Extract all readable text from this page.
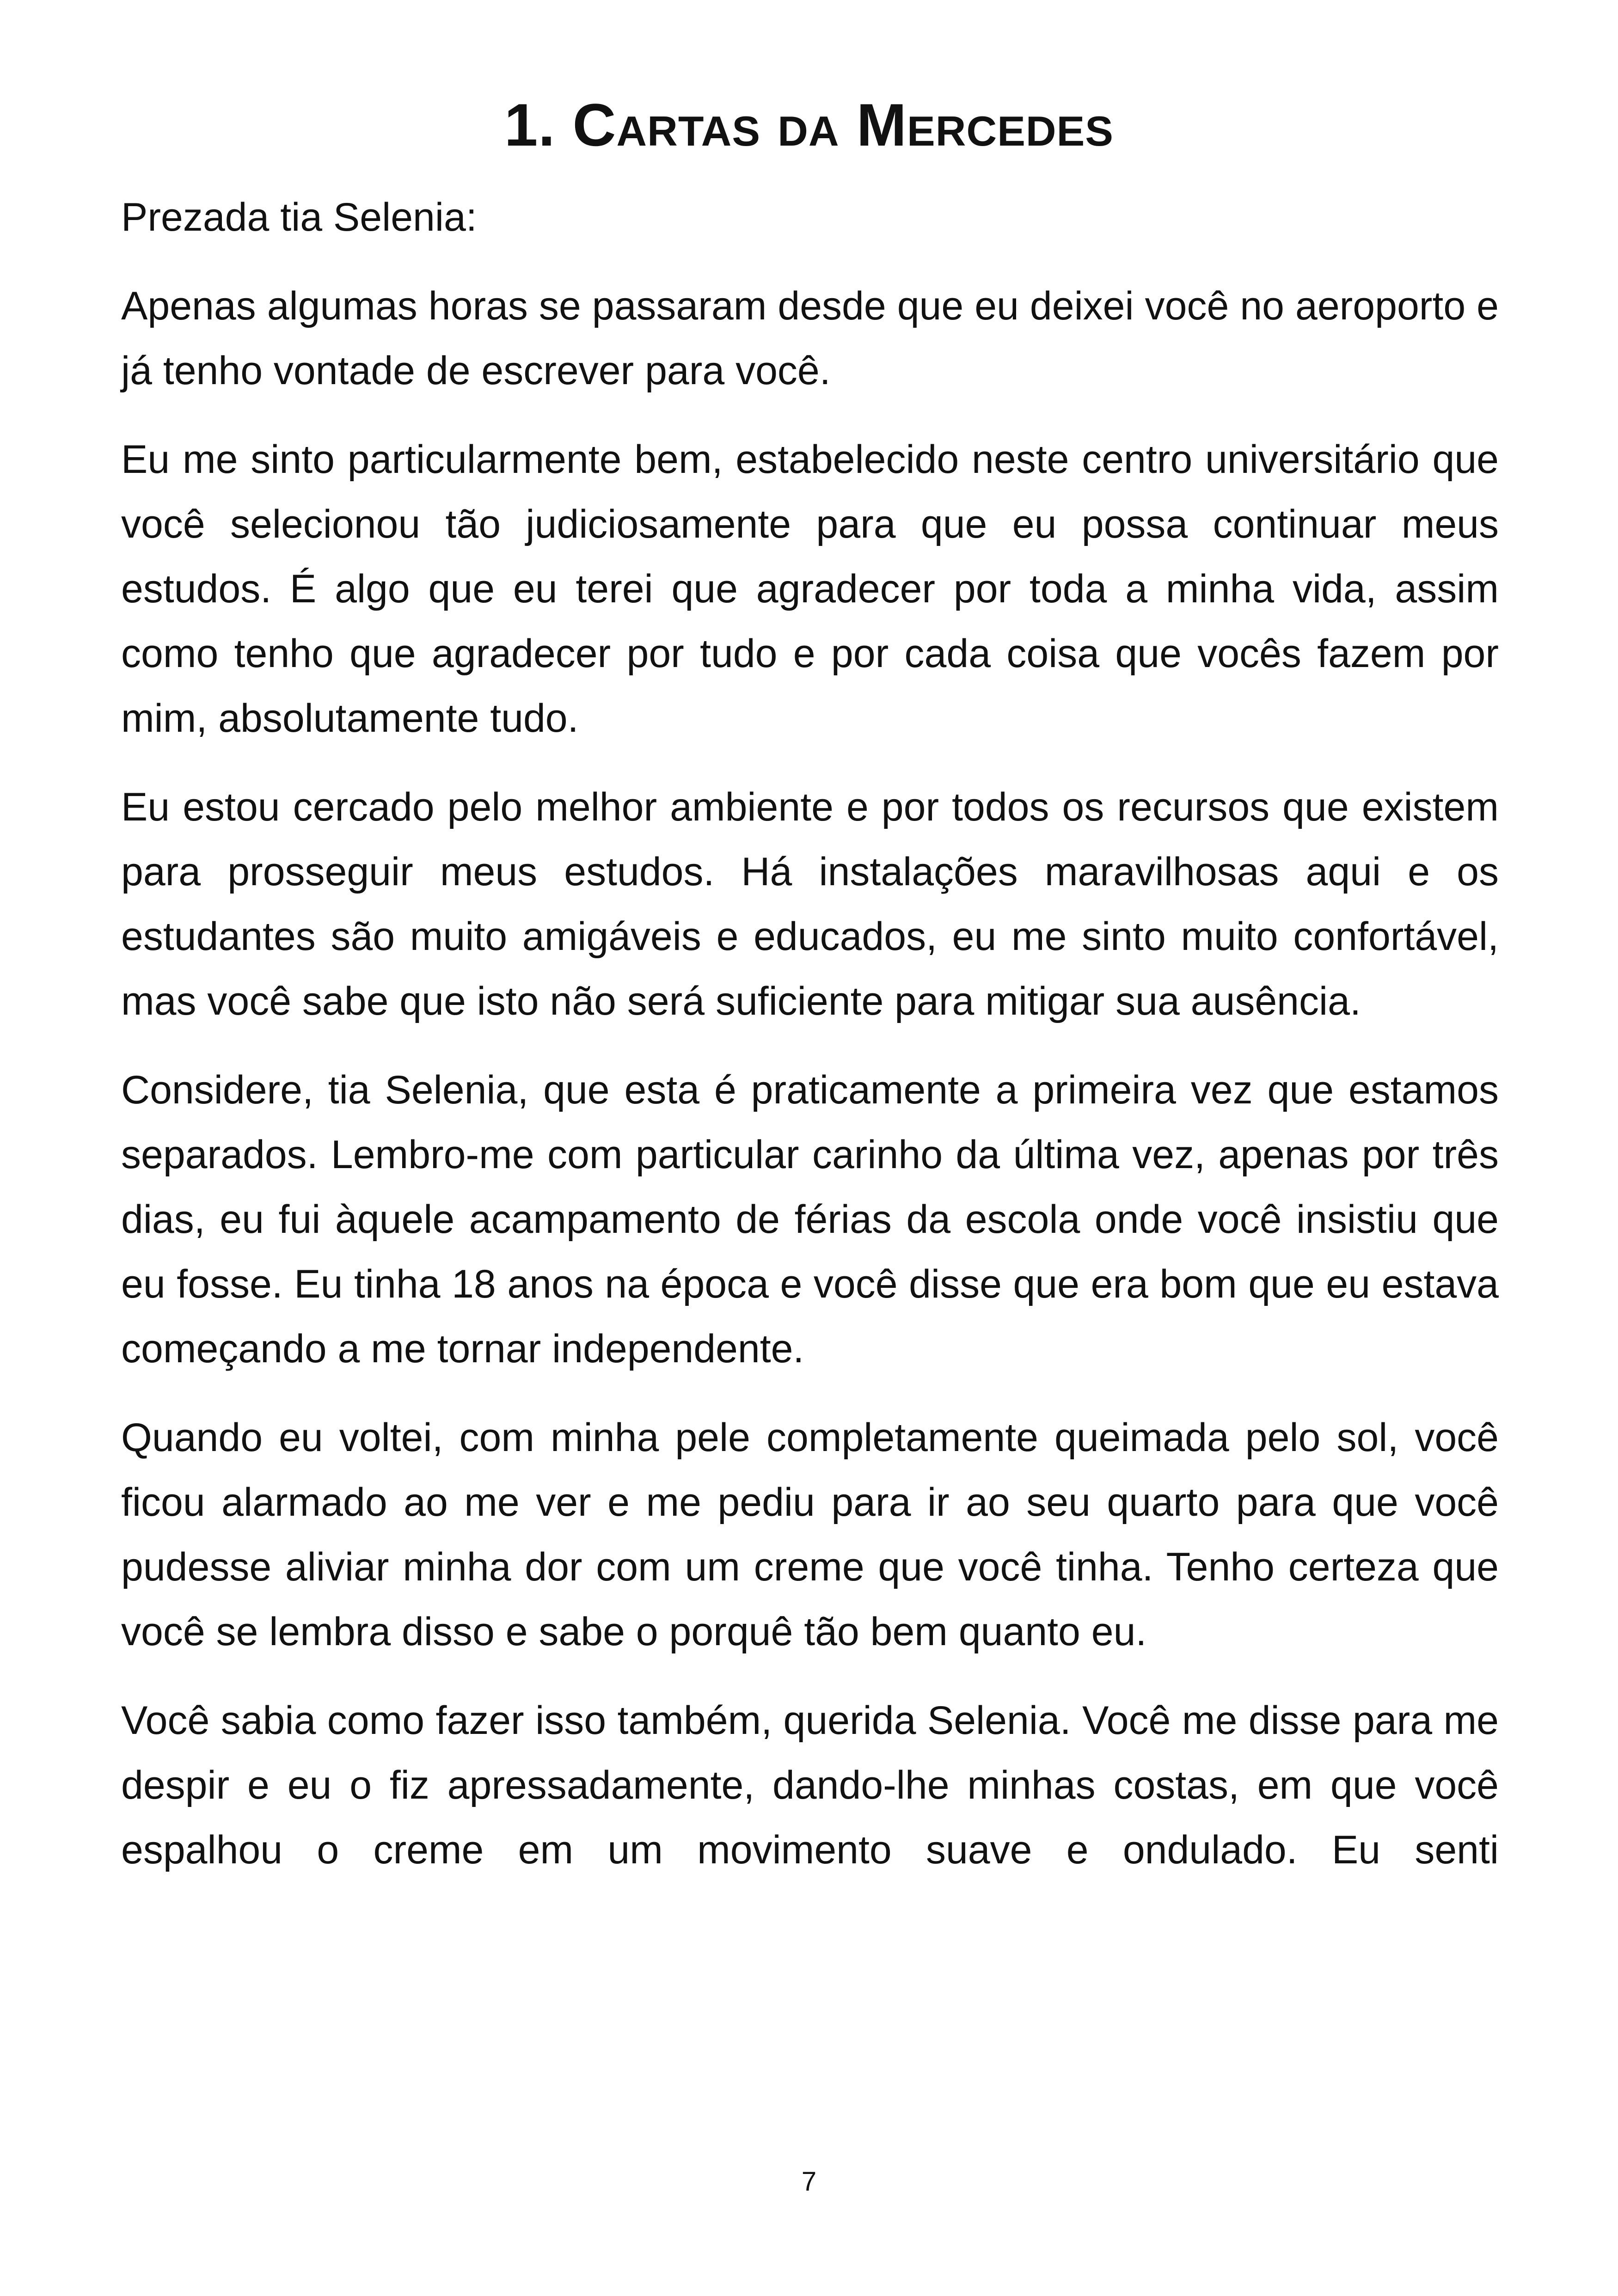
1. Cartas da Mercedes

Prezada tia Selenia:

Apenas algumas horas se passaram desde que eu deixei você no aeroporto e já tenho vontade de escrever para você.

Eu me sinto particularmente bem, estabelecido neste centro universitário que você selecionou tão judiciosamente para que eu possa continuar meus estudos. É algo que eu terei que agradecer por toda a minha vida, assim como tenho que agradecer por tudo e por cada coisa que vocês fazem por mim, absolutamente tudo.

Eu estou cercado pelo melhor ambiente e por todos os recursos que existem para prosseguir meus estudos. Há instalações maravilhosas aqui e os estudantes são muito amigáveis e educados, eu me sinto muito confortável, mas você sabe que isto não será suficiente para mitigar sua ausência.

Considere, tia Selenia, que esta é praticamente a primeira vez que estamos separados. Lembro-me com particular carinho da última vez, apenas por três dias, eu fui àquele acampamento de férias da escola onde você insistiu que eu fosse. Eu tinha 18 anos na época e você disse que era bom que eu estava começando a me tornar independente.

Quando eu voltei, com minha pele completamente queimada pelo sol, você ficou alarmado ao me ver e me pediu para ir ao seu quarto para que você pudesse aliviar minha dor com um creme que você tinha. Tenho certeza que você se lembra disso e sabe o porquê tão bem quanto eu.

Você sabia como fazer isso também, querida Selenia. Você me disse para me despir e eu o fiz apressadamente, dando-lhe minhas costas, em que você espalhou o creme em um movimento suave e ondulado. Eu senti

7
